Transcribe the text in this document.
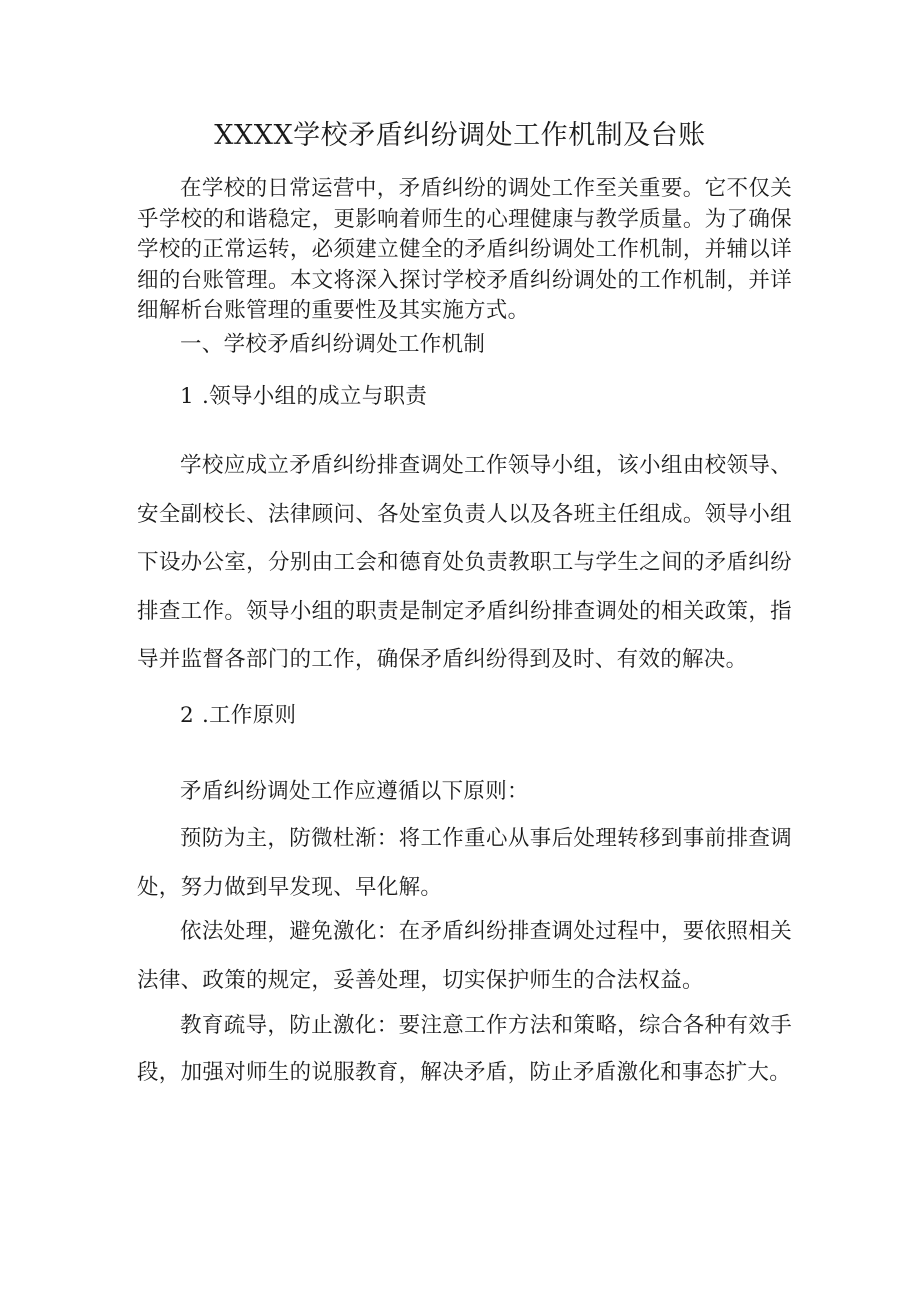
XXXX学校矛盾纠纷调处工作机制及台账

在学校的日常运营中，矛盾纠纷的调处工作至关重要。它不仅关乎学校的和谐稳定，更影响着师生的心理健康与教学质量。为了确保学校的正常运转，必须建立健全的矛盾纠纷调处工作机制，并辅以详细的台账管理。本文将深入探讨学校矛盾纠纷调处的工作机制，并详细解析台账管理的重要性及其实施方式。

一、学校矛盾纠纷调处工作机制
1 .领导小组的成立与职责

学校应成立矛盾纠纷排查调处工作领导小组，该小组由校领导、安全副校长、法律顾问、各处室负责人以及各班主任组成。领导小组下设办公室，分别由工会和德育处负责教职工与学生之间的矛盾纠纷排查工作。领导小组的职责是制定矛盾纠纷排查调处的相关政策，指导并监督各部门的工作，确保矛盾纠纷得到及时、有效的解决。

2 .工作原则

矛盾纠纷调处工作应遵循以下原则：

预防为主，防微杜渐：将工作重心从事后处理转移到事前排查调处，努力做到早发现、早化解。

依法处理，避免激化：在矛盾纠纷排查调处过程中，要依照相关法律、政策的规定，妥善处理，切实保护师生的合法权益。

教育疏导，防止激化：要注意工作方法和策略，综合各种有效手段，加强对师生的说服教育，解决矛盾，防止矛盾激化和事态扩大。
